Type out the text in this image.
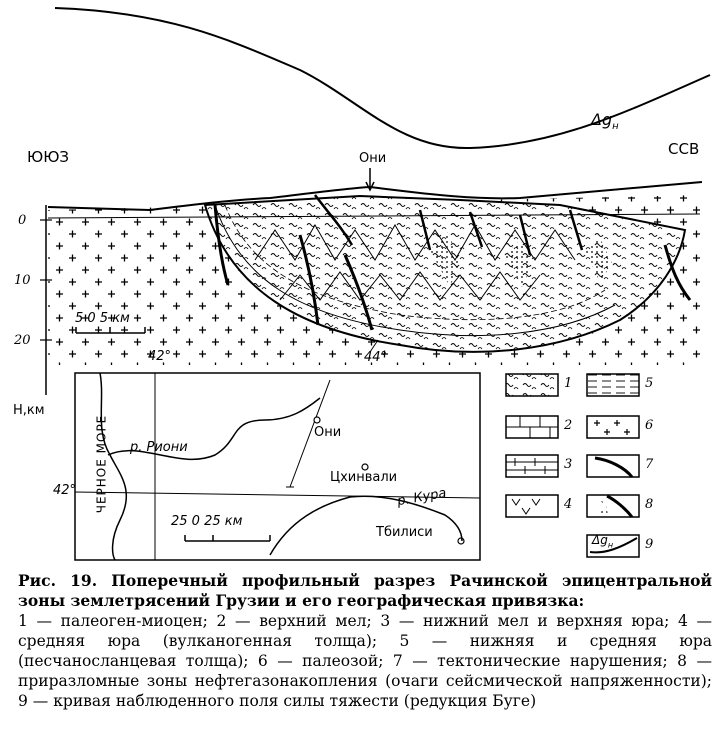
ЮЮЗ	ССВ
Они
$\Delta g_н$
0
10
20
Н,км
5 0 5 км
44°
42°
42° ЧЕРНОЕ МОРЕ р. Риони
р. Кура
Они
Цхинвали
Тбилиси
25 0 25 км
1
2
3
4
5
6
7
8
9
$\Delta g_н$
Рис. 19. Поперечный профильный разрез Рачинской эпицентральной зоны землетрясений Грузии и его географическая привязка:
1 — палеоген-миоцен; 2 — верхний мел; 3 — нижний мел и верхняя юра; 4 — средняя юра (вулканогенная толща); 5 — нижняя и средняя юра (песчаносланцевая толща); 6 — палеозой; 7 — тектонические нарушения; 8 — приразломные зоны нефтегазонакопления (очаги сейсмической напряженности); 9 — кривая наблюденного поля силы тяжести (редукция Буге)
